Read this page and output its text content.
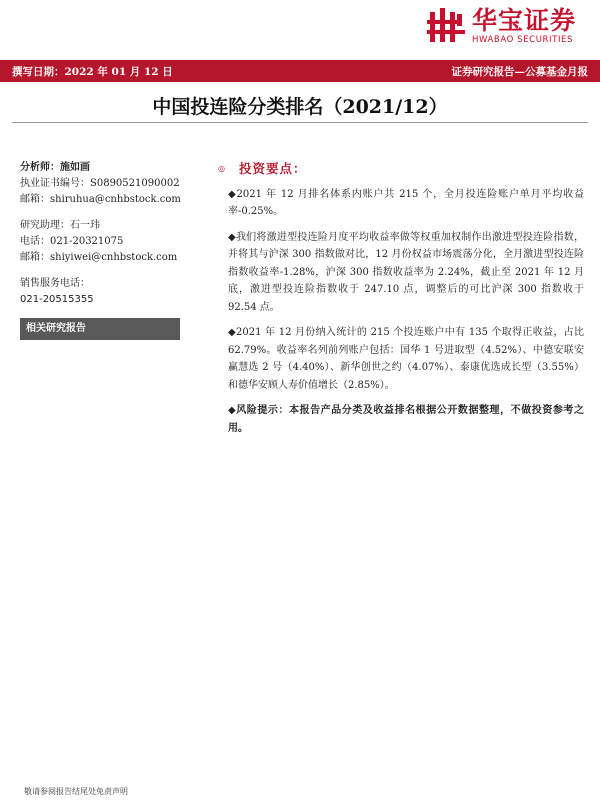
华宝证券
HWABAO SECURITIES
撰写日期：2022 年 01 月 12 日	证券研究报告—公募基金月报
中国投连险分类排名（2021/12）
分析师：施如画
执业证书编号：S0890521090002
邮箱：shiruhua@cnhbstock.com
研究助理：石一玮
电话：021-20321075
邮箱：shiyiwei@cnhbstock.com
销售服务电话：
021-20515355
相关研究报告
◎ 投资要点：

◆2021 年 12 月排名体系内账户共 215 个，全月投连险账户单月平均收益率-0.25%。

◆我们将激进型投连险月度平均收益率做等权重加权制作出激进型投连险指数，并将其与沪深 300 指数做对比，12 月份权益市场震荡分化，全月激进型投连险指数收益率-1.28%，沪深 300 指数收益率为 2.24%，截止至 2021 年 12 月底，激进型投连险指数收于 247.10 点，调整后的可比沪深 300 指数收于 92.54 点。

◆2021 年 12 月份纳入统计的 215 个投连账户中有 135 个取得正收益，占比 62.79%。收益率名列前列账户包括：国华 1 号进取型（4.52%）、中德安联安赢慧选 2 号（4.40%）、新华创世之约（4.07%）、泰康优选成长型（3.55%）和德华安顾人寿价值增长（2.85%）。

◆风险提示：本报告产品分类及收益排名根据公开数据整理，不做投资参考之用。

敬请参阅报告结尾处免责声明
